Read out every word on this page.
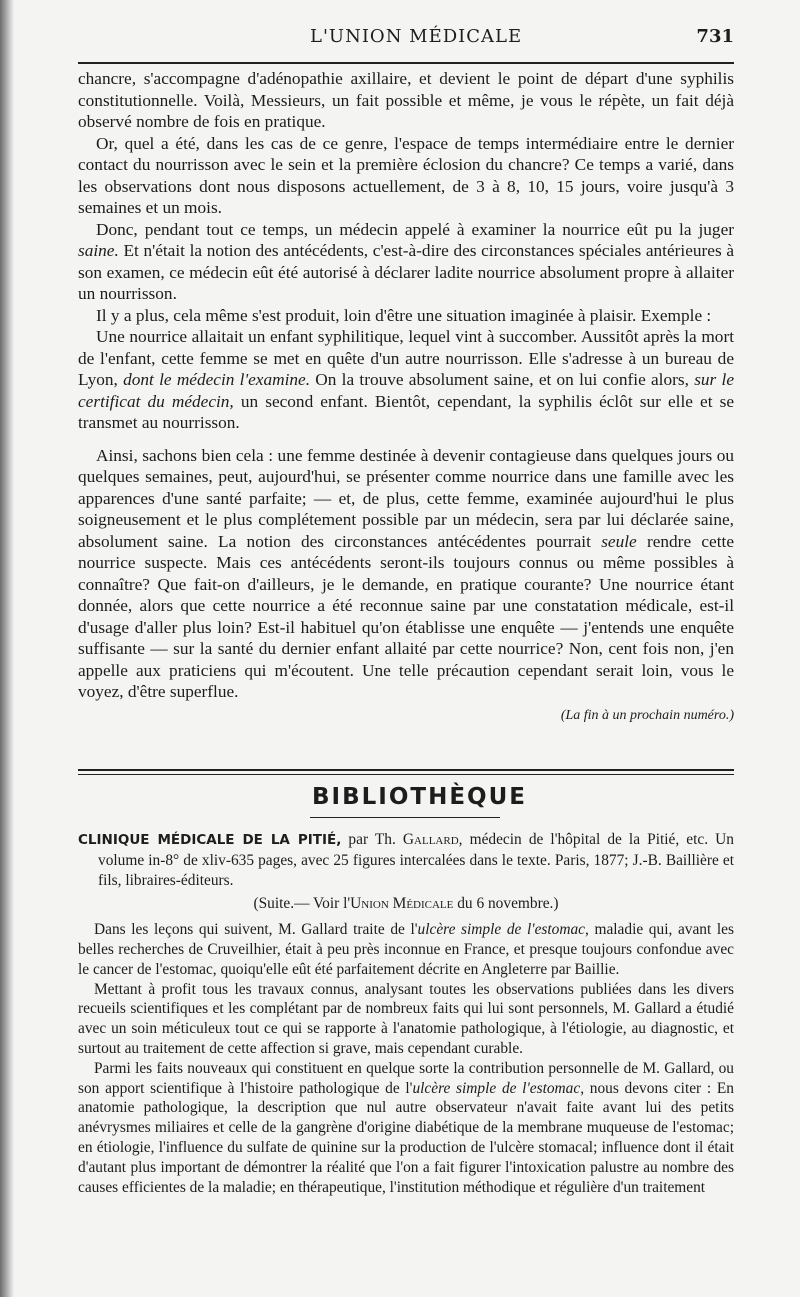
L'UNION MÉDICALE	731

chancre, s'accompagne d'adénopathie axillaire, et devient le point de départ d'une syphilis constitutionnelle. Voilà, Messieurs, un fait possible et même, je vous le répète, un fait déjà observé nombre de fois en pratique.

Or, quel a été, dans les cas de ce genre, l'espace de temps intermédiaire entre le dernier contact du nourrisson avec le sein et la première éclosion du chancre? Ce temps a varié, dans les observations dont nous disposons actuellement, de 3 à 8, 10, 15 jours, voire jusqu'à 3 semaines et un mois.

Donc, pendant tout ce temps, un médecin appelé à examiner la nourrice eût pu la juger saine. Et n'était la notion des antécédents, c'est-à-dire des circonstances spéciales antérieures à son examen, ce médecin eût été autorisé à déclarer ladite nourrice absolument propre à allaiter un nourrisson.

Il y a plus, cela même s'est produit, loin d'être une situation imaginée à plaisir. Exemple :

Une nourrice allaitait un enfant syphilitique, lequel vint à succomber. Aussitôt après la mort de l'enfant, cette femme se met en quête d'un autre nourrisson. Elle s'adresse à un bureau de Lyon, dont le médecin l'examine. On la trouve absolument saine, et on lui confie alors, sur le certificat du médecin, un second enfant. Bientôt, cependant, la syphilis éclôt sur elle et se transmet au nourrisson.

Ainsi, sachons bien cela : une femme destinée à devenir contagieuse dans quelques jours ou quelques semaines, peut, aujourd'hui, se présenter comme nourrice dans une famille avec les apparences d'une santé parfaite; — et, de plus, cette femme, examinée aujourd'hui le plus soigneusement et le plus complétement possible par un médecin, sera par lui déclarée saine, absolument saine. La notion des circonstances antécédentes pourrait seule rendre cette nourrice suspecte. Mais ces antécédents seront-ils toujours connus ou même possibles à connaître? Que fait-on d'ailleurs, je le demande, en pratique courante? Une nourrice étant donnée, alors que cette nourrice a été reconnue saine par une constatation médicale, est-il d'usage d'aller plus loin? Est-il habituel qu'on établisse une enquête — j'entends une enquête suffisante — sur la santé du dernier enfant allaité par cette nourrice? Non, cent fois non, j'en appelle aux praticiens qui m'écoutent. Une telle précaution cependant serait loin, vous le voyez, d'être superflue.

(La fin à un prochain numéro.)
BIBLIOTHÈQUE

CLINIQUE MÉDICALE DE LA PITIÉ, par Th. Gallard, médecin de l'hôpital de la Pitié, etc. Un volume in-8° de xliv-635 pages, avec 25 figures intercalées dans le texte. Paris, 1877; J.-B. Baillière et fils, libraires-éditeurs.

(Suite.— Voir l'Union Médicale du 6 novembre.)

Dans les leçons qui suivent, M. Gallard traite de l'ulcère simple de l'estomac, maladie qui, avant les belles recherches de Cruveilhier, était à peu près inconnue en France, et presque toujours confondue avec le cancer de l'estomac, quoiqu'elle eût été parfaitement décrite en Angleterre par Baillie.

Mettant à profit tous les travaux connus, analysant toutes les observations publiées dans les divers recueils scientifiques et les complétant par de nombreux faits qui lui sont personnels, M. Gallard a étudié avec un soin méticuleux tout ce qui se rapporte à l'anatomie pathologique, à l'étiologie, au diagnostic, et surtout au traitement de cette affection si grave, mais cependant curable.

Parmi les faits nouveaux qui constituent en quelque sorte la contribution personnelle de M. Gallard, ou son apport scientifique à l'histoire pathologique de l'ulcère simple de l'estomac, nous devons citer : En anatomie pathologique, la description que nul autre observateur n'avait faite avant lui des petits anévrysmes miliaires et celle de la gangrène d'origine diabétique de la membrane muqueuse de l'estomac; en étiologie, l'influence du sulfate de quinine sur la production de l'ulcère stomacal; influence dont il était d'autant plus important de démontrer la réalité que l'on a fait figurer l'intoxication palustre au nombre des causes efficientes de la maladie; en thérapeutique, l'institution méthodique et régulière d'un traitement
